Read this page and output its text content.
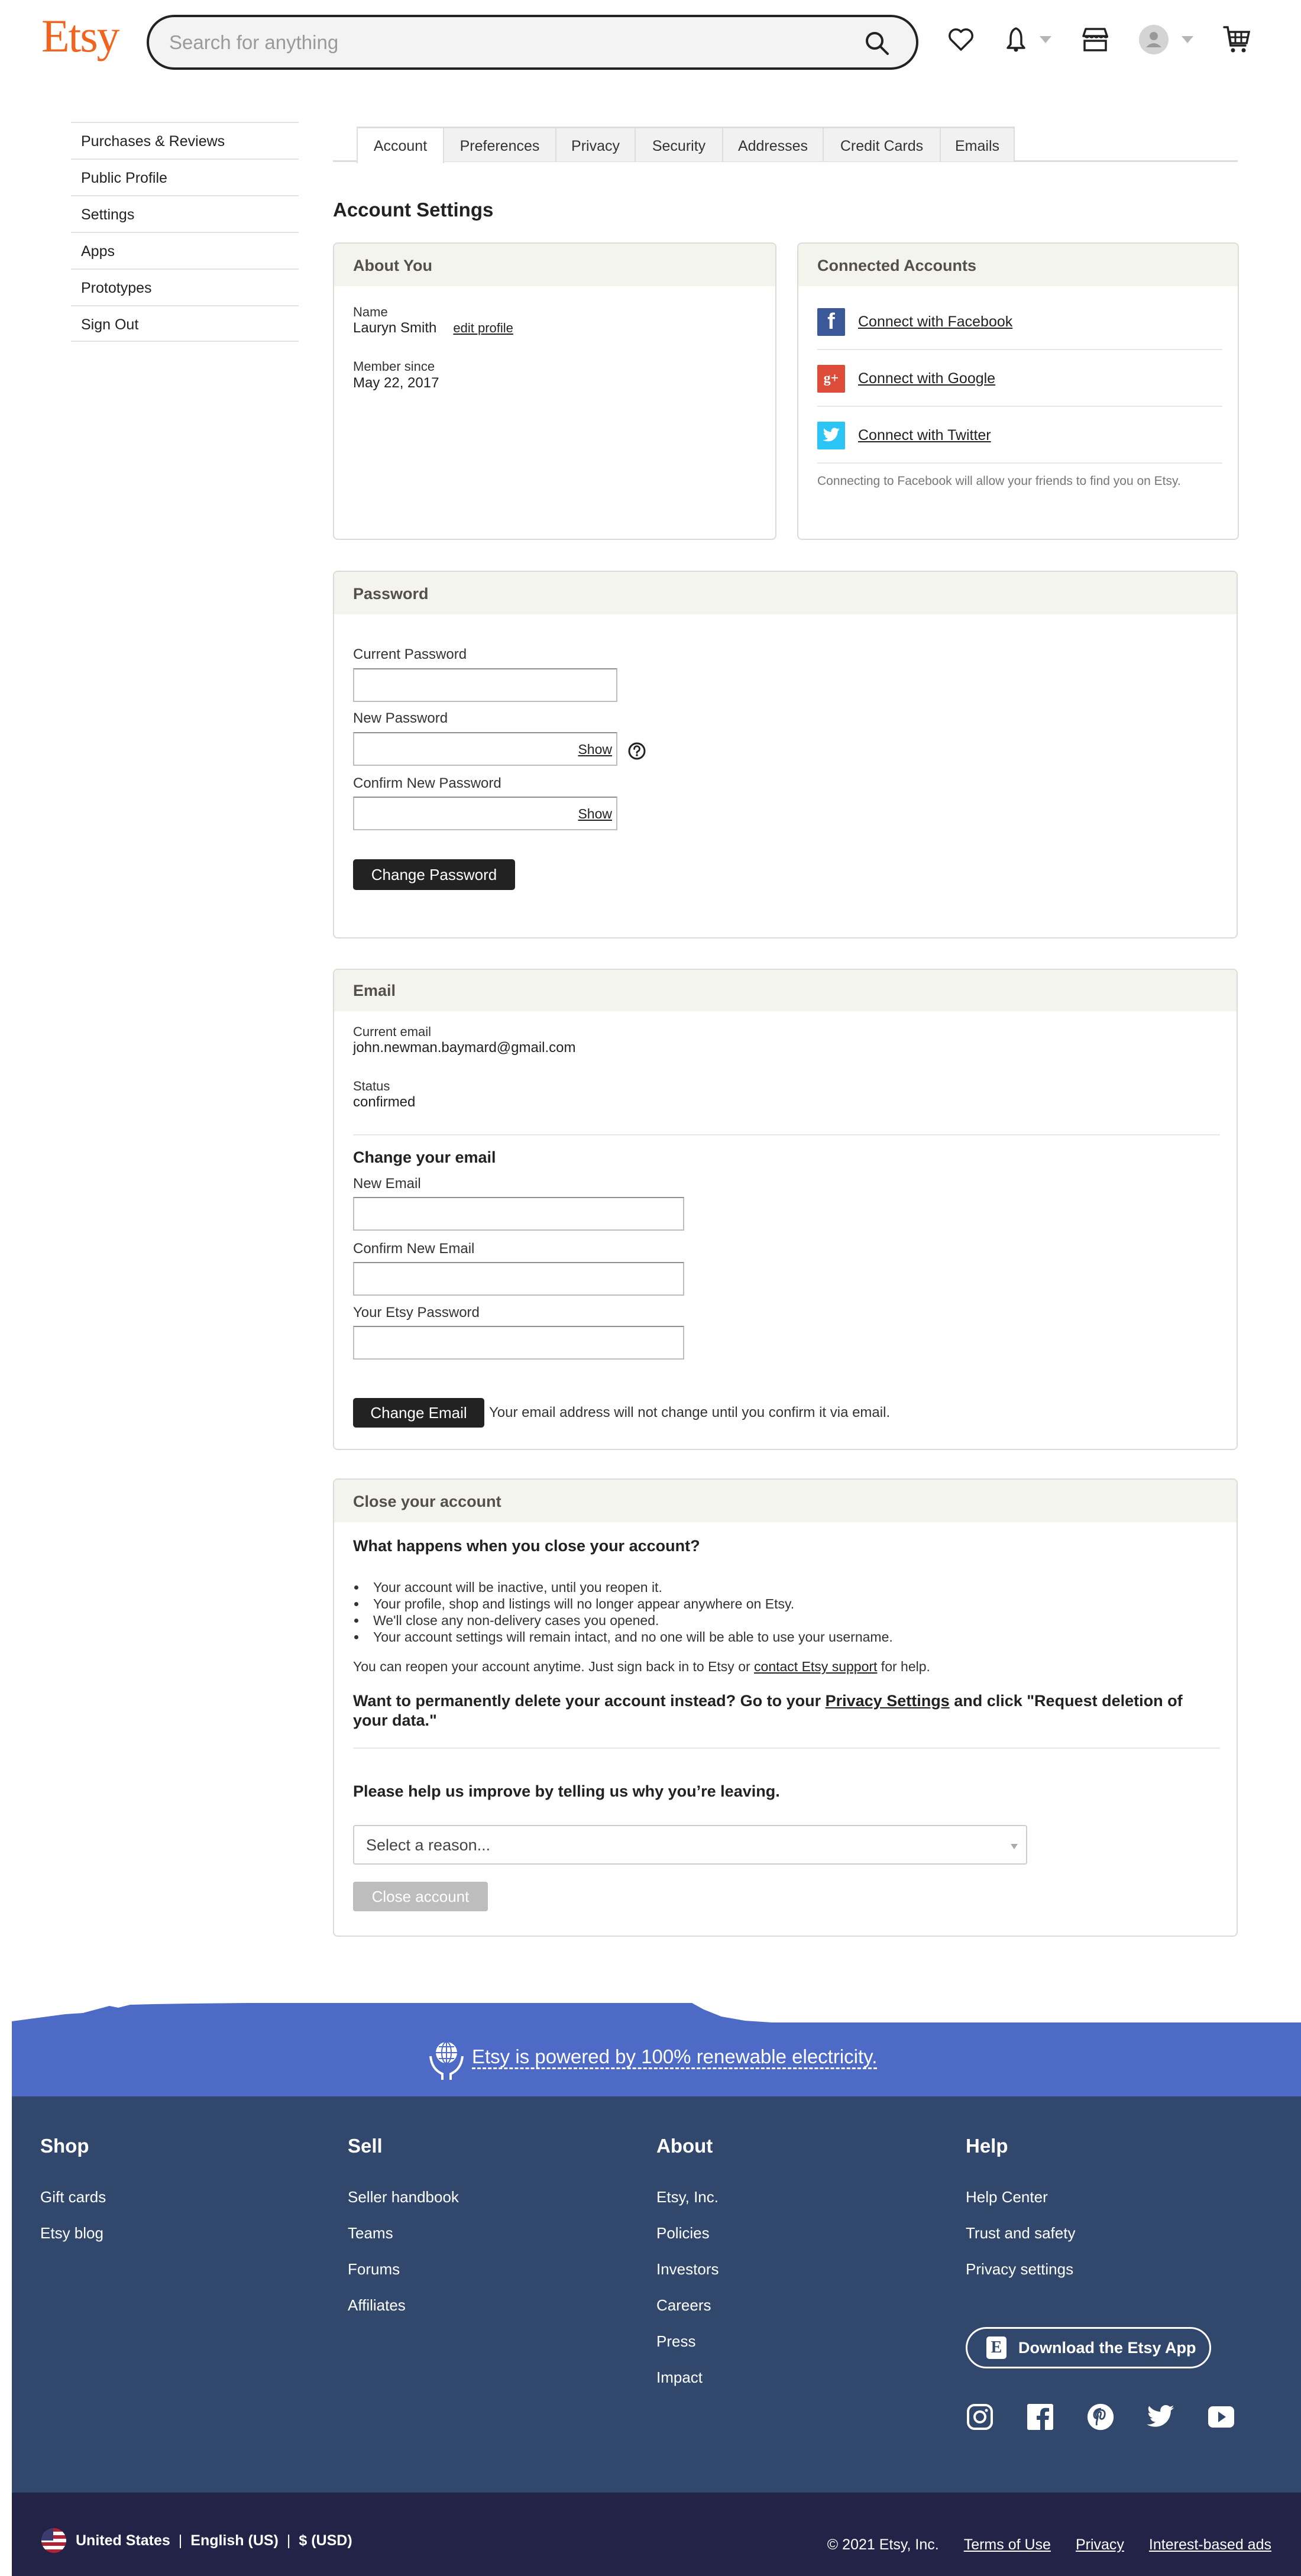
Etsy
Search for anything
Purchases & Reviews
Public Profile
Settings
Apps
Prototypes
Sign Out
Account	Preferences	Privacy	Security	Addresses	Credit Cards	Emails
Account Settings
About You
Name
Lauryn Smith edit profile
Member since
May 22, 2017
Connected Accounts
f	Connect with Facebook
g+	Connect with Google
Connect with Twitter
Connecting to Facebook will allow your friends to find you on Etsy.
Password
Current Password
New Password
Show
Confirm New Password
Show
Change Password
Email
Current email
john.newman.baymard@gmail.com
Status
confirmed
Change your email
New Email
Confirm New Email
Your Etsy Password
Change Email	Your email address will not change until you confirm it via email.
Close your account
What happens when you close your account?
Your account will be inactive, until you reopen it.
Your profile, shop and listings will no longer appear anywhere on Etsy.
We'll close any non-delivery cases you opened.
Your account settings will remain intact, and no one will be able to use your username.
You can reopen your account anytime. Just sign back in to Etsy or contact Etsy support for help.
Want to permanently delete your account instead? Go to your Privacy Settings and click "Request deletion of your data."
Please help us improve by telling us why you’re leaving.
Select a reason...
Close account
Etsy is powered by 100% renewable electricity.
Shop
Gift cards
Etsy blog
Sell
Seller handbook
Teams
Forums
Affiliates
About
Etsy, Inc.
Policies
Investors
Careers
Press
Impact
Help
Help Center
Trust and safety
Privacy settings
E Download the Etsy App
United States | English (US) | $ (USD)	© 2021 Etsy, Inc. Terms of Use Privacy Interest-based ads
